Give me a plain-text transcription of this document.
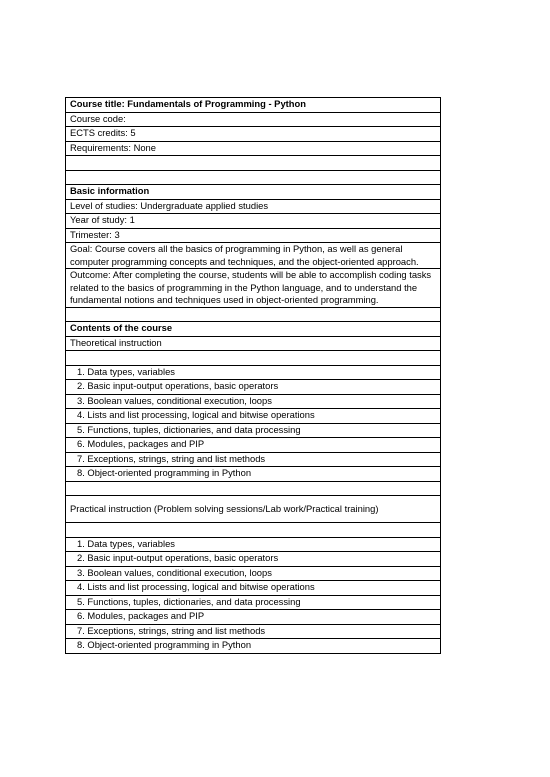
Course title: Fundamentals of Programming - Python
Course code:
ECTS credits: 5
Requirements: None

Basic information
Level of studies: Undergraduate applied studies
Year of study: 1
Trimester: 3
Goal: Course covers all the basics of programming in Python, as well as general computer programming concepts and techniques, and the object-oriented approach.
Outcome: After completing the course, students will be able to accomplish coding tasks related to the basics of programming in the Python language, and to understand the fundamental notions and techniques used in object-oriented programming.

Contents of the course
Theoretical instruction

1. Data types, variables
2. Basic input-output operations, basic operators
3. Boolean values, conditional execution, loops
4. Lists and list processing, logical and bitwise operations
5. Functions, tuples, dictionaries, and data processing
6. Modules, packages and PIP
7. Exceptions, strings, string and list methods
8. Object-oriented programming in Python

Practical instruction (Problem solving sessions/Lab work/Practical training)

1. Data types, variables
2. Basic input-output operations, basic operators
3. Boolean values, conditional execution, loops
4. Lists and list processing, logical and bitwise operations
5. Functions, tuples, dictionaries, and data processing
6. Modules, packages and PIP
7. Exceptions, strings, string and list methods
8. Object-oriented programming in Python
